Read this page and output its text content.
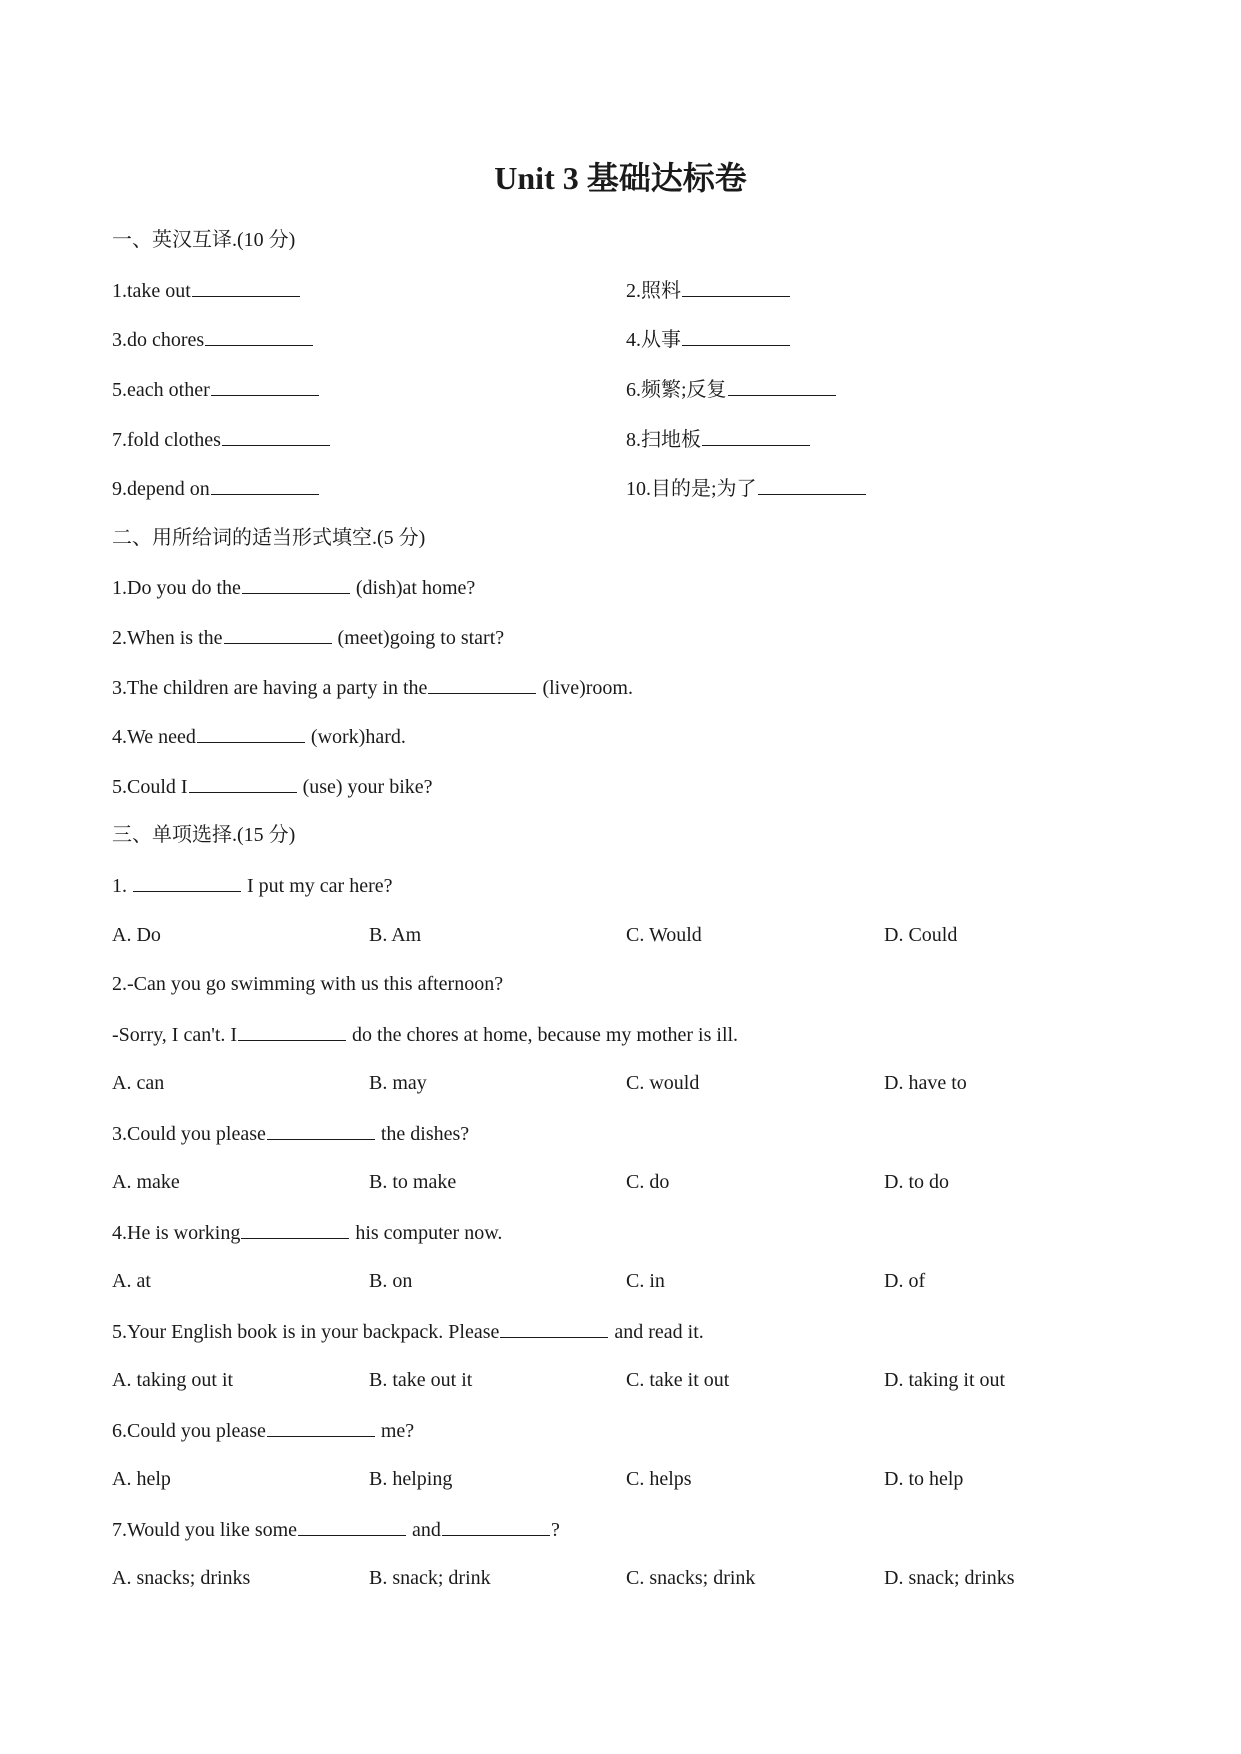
Unit 3 基础达标卷
一、英汉互译.(10 分)
1.take out	2.照料
3.do chores	4.从事
5.each other	6.频繁;反复
7.fold clothes	8.扫地板
9.depend on	10.目的是;为了
二、用所给词的适当形式填空.(5 分)
1.Do you do the	(dish)at home?
2.When is the	(meet)going to start?
3.The children are having a party in the	(live)room.
4.We need	(work)hard.
5.Could I	(use) your bike?
三、单项选择.(15 分)
1.	I put my car here?
A. Do	B. Am	C. Would	D. Could
2.-Can you go swimming with us this afternoon?
-Sorry, I can't. I	do the chores at home, because my mother is ill.
A. can	B. may	C. would	D. have to
3.Could you please	the dishes?
A. make	B. to make	C. do	D. to do
4.He is working	his computer now.
A. at	B. on	C. in	D. of
5.Your English book is in your backpack. Please	and read it.
A. taking out it	B. take out it	C. take it out	D. taking it out
6.Could you please	me?
A. help	B. helping	C. helps	D. to help
7.Would you like some	and	?
A. snacks; drinks	B. snack; drink	C. snacks; drink	D. snack; drinks
